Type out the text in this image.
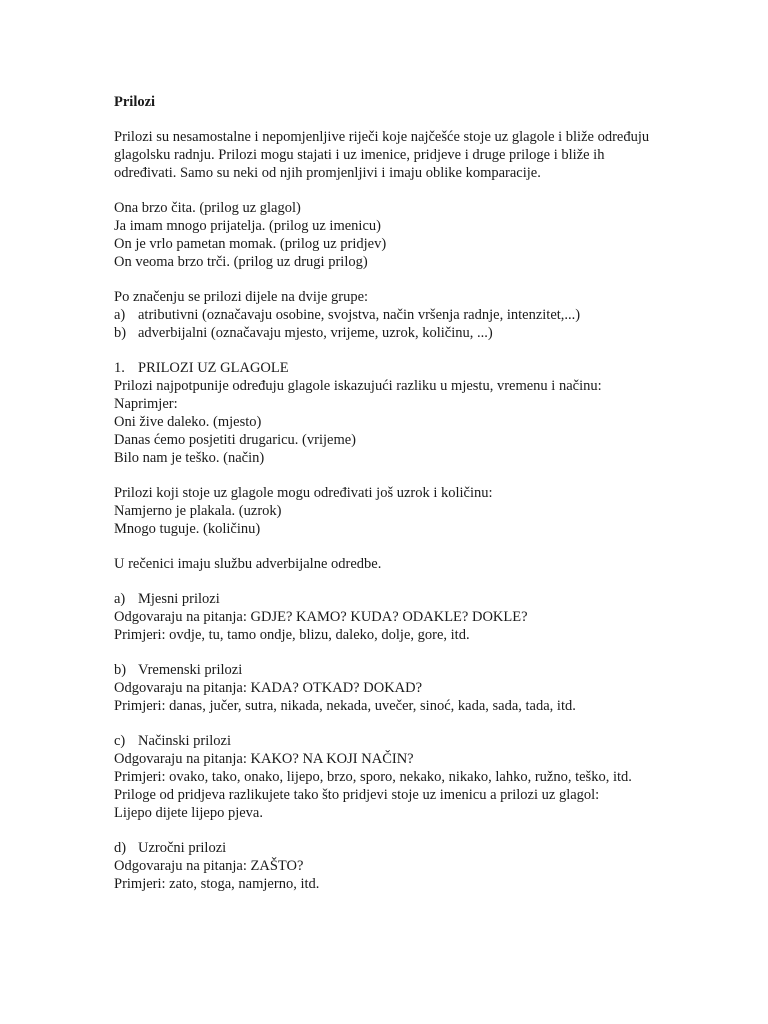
Prilozi
Prilozi su nesamostalne i nepomjenljive riječi koje najčešće stoje uz glagole i bliže određuju
glagolsku radnju. Prilozi mogu stajati i uz imenice, pridjeve i druge priloge i bliže ih
određivati. Samo su neki od njih promjenljivi i imaju oblike komparacije.
Ona brzo čita. (prilog uz glagol)
Ja imam mnogo prijatelja. (prilog uz imenicu)
On je vrlo pametan momak. (prilog uz pridjev)
On veoma brzo trči. (prilog uz drugi prilog)
Po značenju se prilozi dijele na dvije grupe:
a) atributivni (označavaju osobine, svojstva, način vršenja radnje, intenzitet,...)
b) adverbijalni (označavaju mjesto, vrijeme, uzrok, količinu, ...)
1. PRILOZI UZ GLAGOLE
Prilozi najpotpunije određuju glagole iskazujući razliku u mjestu, vremenu i načinu:
Naprimjer:
Oni žive daleko. (mjesto)
Danas ćemo posjetiti drugaricu. (vrijeme)
Bilo nam je teško. (način)
Prilozi koji stoje uz glagole mogu određivati još uzrok i količinu:
Namjerno je plakala. (uzrok)
Mnogo tuguje. (količinu)
U rečenici imaju službu adverbijalne odredbe.
a) Mjesni prilozi
Odgovaraju na pitanja: GDJE? KAMO? KUDA? ODAKLE? DOKLE?
Primjeri: ovdje, tu, tamo ondje, blizu, daleko, dolje, gore, itd.
b) Vremenski prilozi
Odgovaraju na pitanja: KADA? OTKAD? DOKAD?
Primjeri: danas, jučer, sutra, nikada, nekada, uvečer, sinoć, kada, sada, tada, itd.
c) Načinski prilozi
Odgovaraju na pitanja: KAKO? NA KOJI NAČIN?
Primjeri: ovako, tako, onako, lijepo, brzo, sporo, nekako, nikako, lahko, ružno, teško, itd.
Priloge od pridjeva razlikujete tako što pridjevi stoje uz imenicu a prilozi uz glagol:
Lijepo dijete lijepo pjeva.
d) Uzročni prilozi
Odgovaraju na pitanja: ZAŠTO?
Primjeri: zato, stoga, namjerno, itd.
